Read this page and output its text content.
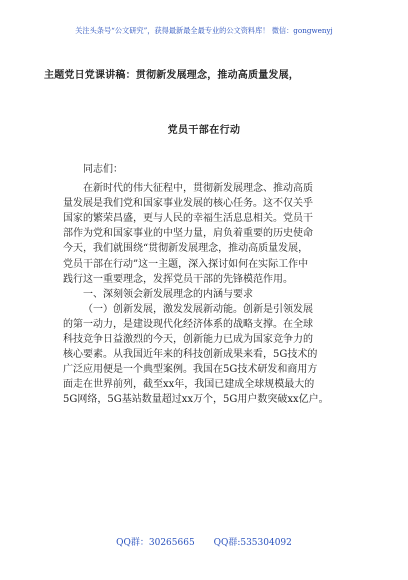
关注头条号“公文研究”，获得最新最全最专业的公文资料库！ 微信：gongwenyj
主题党日党课讲稿：贯彻新发展理念，推动高质量发展，
党员干部在行动
同志们：
在新时代的伟大征程中，贯彻新发展理念、推动高质
量发展是我们党和国家事业发展的核心任务。这不仅关乎
国家的繁荣昌盛，更与人民的幸福生活息息相关。党员干
部作为党和国家事业的中坚力量，肩负着重要的历史使命
今天，我们就围绕“贯彻新发展理念，推动高质量发展，
党员干部在行动”这一主题，深入探讨如何在实际工作中
践行这一重要理念，发挥党员干部的先锋模范作用。
一、深刻领会新发展理念的内涵与要求
（一）创新发展，激发发展新动能。创新是引领发展
的第一动力，是建设现代化经济体系的战略支撑。在全球
科技竞争日益激烈的今天，创新能力已成为国家竞争力的
核心要素。从我国近年来的科技创新成果来看，5G技术的
广泛应用便是一个典型案例。我国在5G技术研发和商用方
面走在世界前列，截至xx年，我国已建成全球规模最大的
5G网络，5G基站数量超过xx万个，5G用户数突破xx亿户。
QQ群：30265665 QQ群:535304092
